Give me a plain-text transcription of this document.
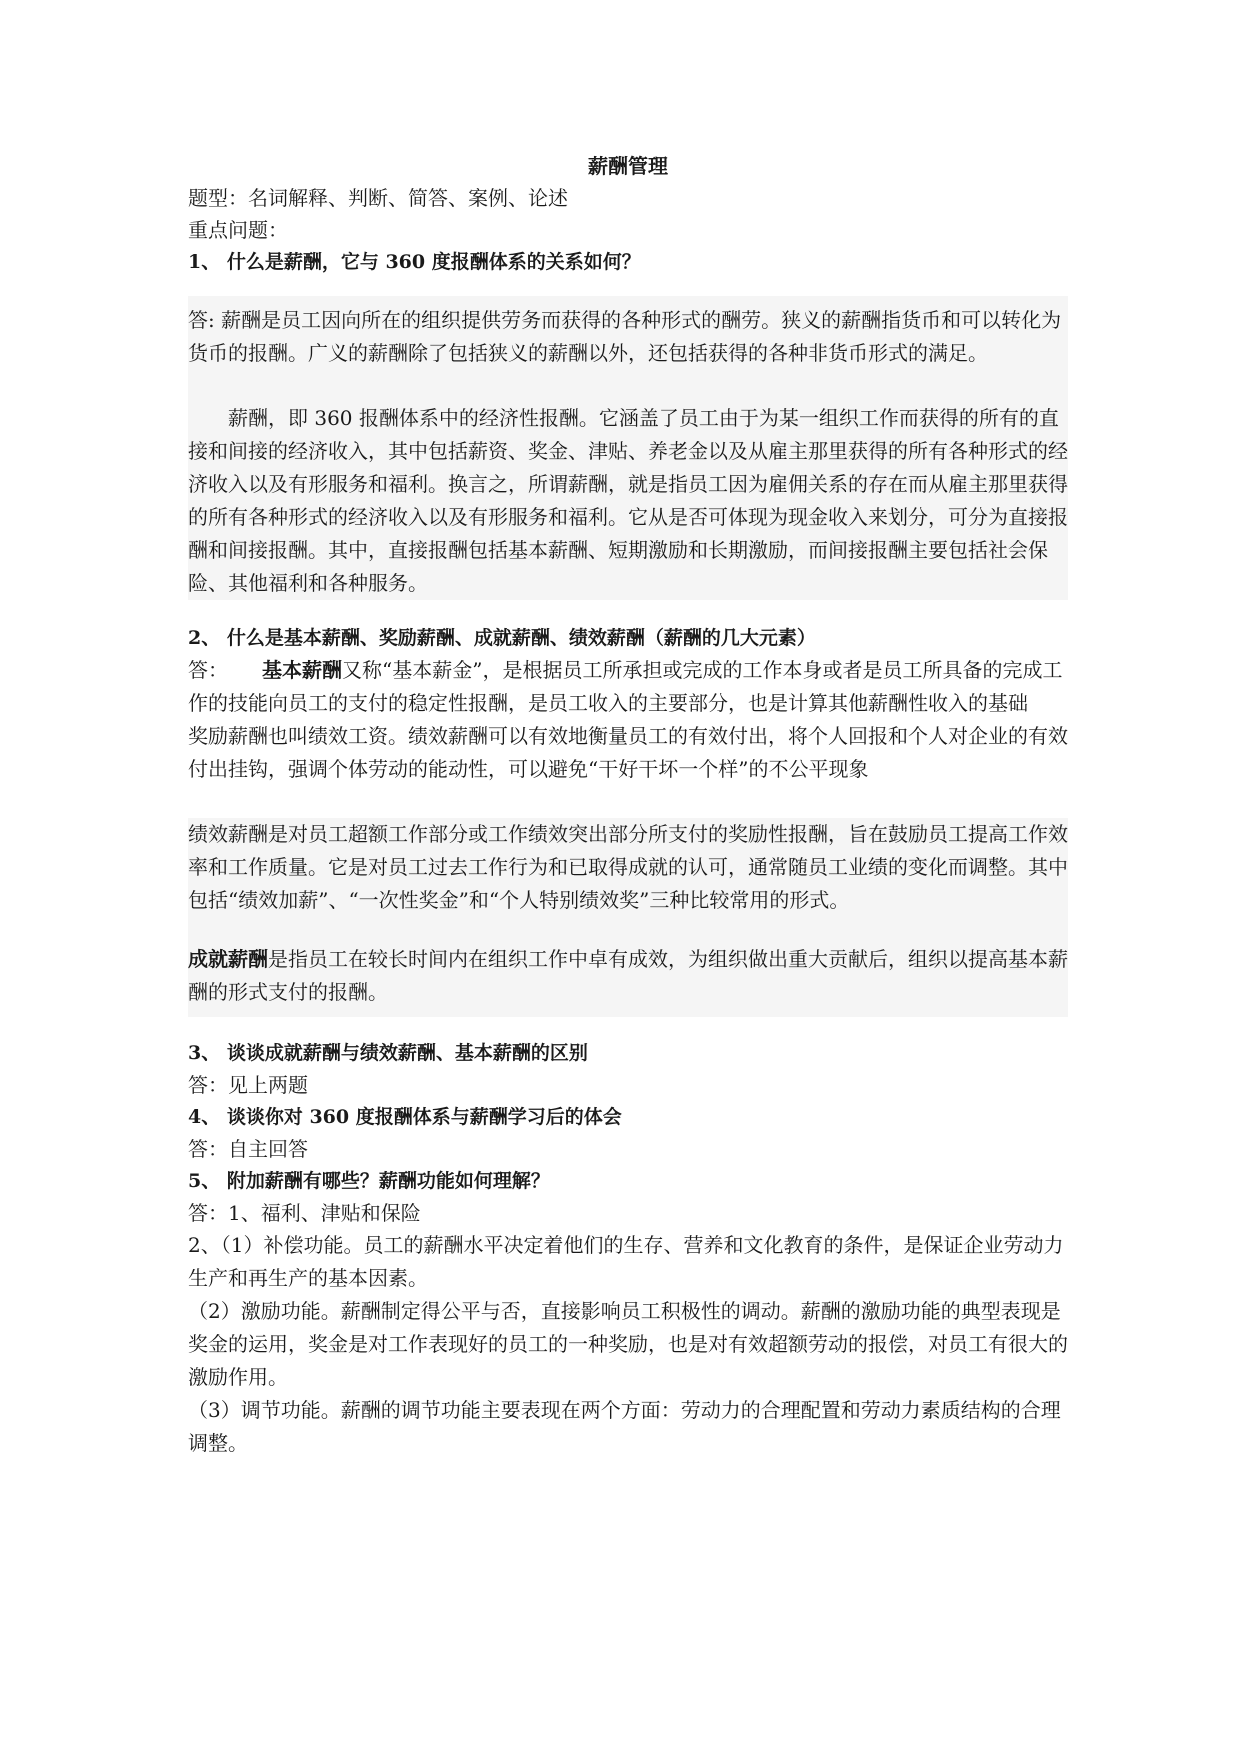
薪酬管理

题型：名词解释、判断、简答、案例、论述

重点问题：

1、 什么是薪酬，它与 360 度报酬体系的关系如何？

答: 薪酬是员工因向所在的组织提供劳务而获得的各种形式的酬劳。狭义的薪酬指货币和可以转化为货币的报酬。广义的薪酬除了包括狭义的薪酬以外，还包括获得的各种非货币形式的满足。

薪酬，即 360 报酬体系中的经济性报酬。它涵盖了员工由于为某一组织工作而获得的所有的直接和间接的经济收入，其中包括薪资、奖金、津贴、养老金以及从雇主那里获得的所有各种形式的经济收入以及有形服务和福利。换言之，所谓薪酬，就是指员工因为雇佣关系的存在而从雇主那里获得的所有各种形式的经济收入以及有形服务和福利。它从是否可体现为现金收入来划分，可分为直接报酬和间接报酬。其中，直接报酬包括基本薪酬、短期激励和长期激励，而间接报酬主要包括社会保险、其他福利和各种服务。

2、 什么是基本薪酬、奖励薪酬、成就薪酬、绩效薪酬（薪酬的几大元素）

答： 基本薪酬又称“基本薪金”，是根据员工所承担或完成的工作本身或者是员工所具备的完成工作的技能向员工的支付的稳定性报酬，是员工收入的主要部分，也是计算其他薪酬性收入的基础

奖励薪酬也叫绩效工资。绩效薪酬可以有效地衡量员工的有效付出，将个人回报和个人对企业的有效付出挂钩，强调个体劳动的能动性，可以避免“干好干坏一个样”的不公平现象

绩效薪酬是对员工超额工作部分或工作绩效突出部分所支付的奖励性报酬，旨在鼓励员工提高工作效率和工作质量。它是对员工过去工作行为和已取得成就的认可，通常随员工业绩的变化而调整。其中包括“绩效加薪”、“一次性奖金”和“个人特别绩效奖”三种比较常用的形式。

成就薪酬是指员工在较长时间内在组织工作中卓有成效，为组织做出重大贡献后，组织以提高基本薪酬的形式支付的报酬。

3、 谈谈成就薪酬与绩效薪酬、基本薪酬的区别

答：见上两题

4、 谈谈你对 360 度报酬体系与薪酬学习后的体会

答：自主回答

5、 附加薪酬有哪些？薪酬功能如何理解？

答：1、福利、津贴和保险

2、（1）补偿功能。员工的薪酬水平决定着他们的生存、营养和文化教育的条件，是保证企业劳动力生产和再生产的基本因素。

（2）激励功能。薪酬制定得公平与否，直接影响员工积极性的调动。薪酬的激励功能的典型表现是奖金的运用，奖金是对工作表现好的员工的一种奖励，也是对有效超额劳动的报偿，对员工有很大的激励作用。

（3）调节功能。薪酬的调节功能主要表现在两个方面：劳动力的合理配置和劳动力素质结构的合理调整。
